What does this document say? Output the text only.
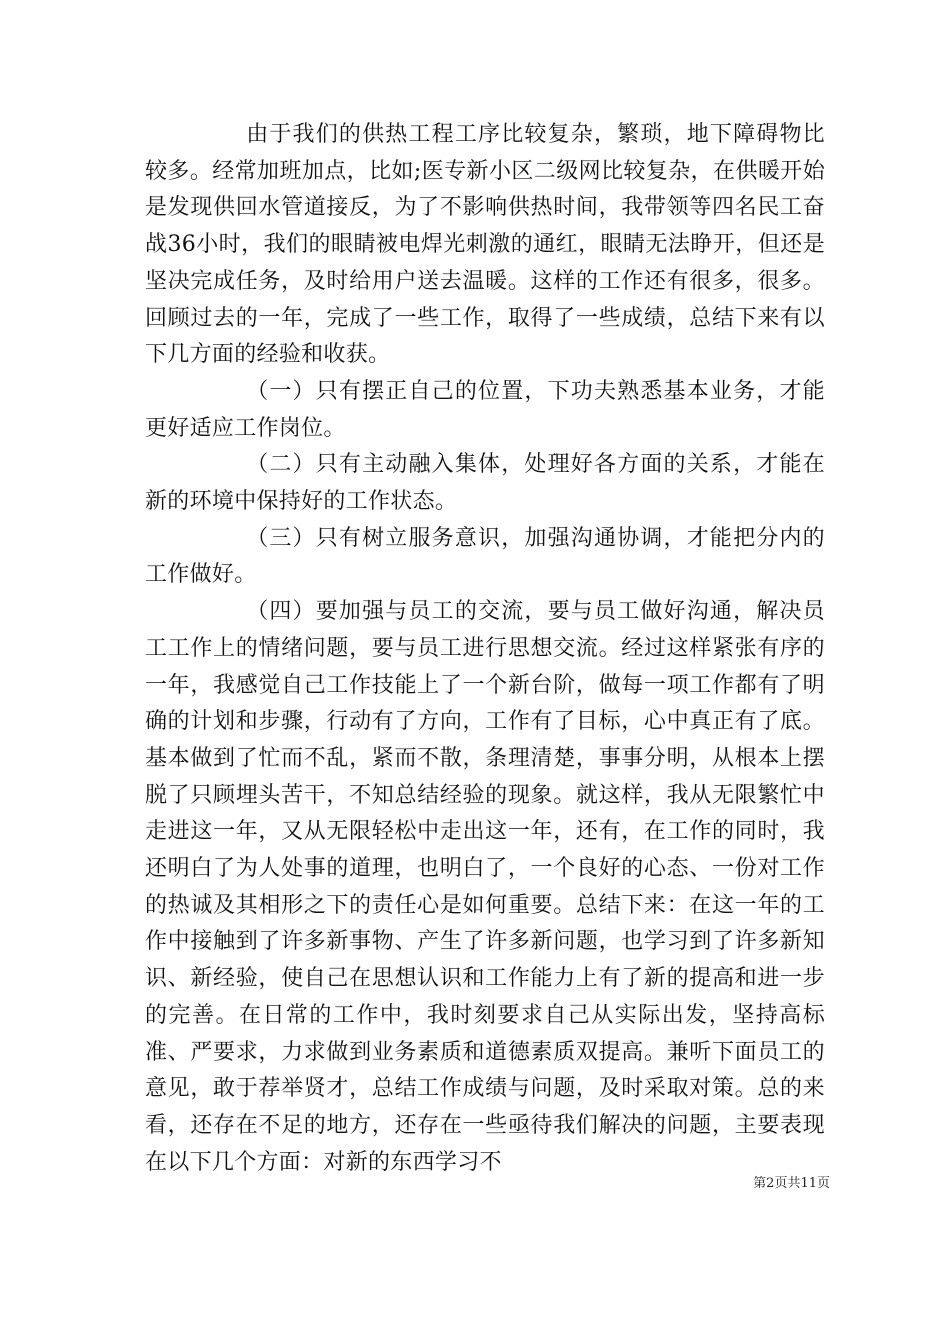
由于我们的供热工程工序比较复杂，繁琐，地下障碍物比较多。经常加班加点，比如;医专新小区二级网比较复杂，在供暖开始是发现供回水管道接反，为了不影响供热时间，我带领等四名民工奋战36小时，我们的眼睛被电焊光刺激的通红，眼睛无法睁开，但还是坚决完成任务，及时给用户送去温暖。这样的工作还有很多，很多。回顾过去的一年，完成了一些工作，取得了一些成绩，总结下来有以下几方面的经验和收获。

（一）只有摆正自己的位置，下功夫熟悉基本业务，才能更好适应工作岗位。

（二）只有主动融入集体，处理好各方面的关系，才能在新的环境中保持好的工作状态。

（三）只有树立服务意识，加强沟通协调，才能把分内的工作做好。

（四）要加强与员工的交流，要与员工做好沟通，解决员工工作上的情绪问题，要与员工进行思想交流。经过这样紧张有序的一年，我感觉自己工作技能上了一个新台阶，做每一项工作都有了明确的计划和步骤，行动有了方向，工作有了目标，心中真正有了底。基本做到了忙而不乱，紧而不散，条理清楚，事事分明，从根本上摆脱了只顾埋头苦干，不知总结经验的现象。就这样，我从无限繁忙中走进这一年，又从无限轻松中走出这一年，还有，在工作的同时，我还明白了为人处事的道理，也明白了，一个良好的心态、一份对工作的热诚及其相形之下的责任心是如何重要。总结下来：在这一年的工作中接触到了许多新事物、产生了许多新问题，也学习到了许多新知识、新经验，使自己在思想认识和工作能力上有了新的提高和进一步的完善。在日常的工作中，我时刻要求自己从实际出发，坚持高标准、严要求，力求做到业务素质和道德素质双提高。兼听下面员工的意见，敢于荐举贤才，总结工作成绩与问题，及时采取对策。总的来看，还存在不足的地方，还存在一些亟待我们解决的问题，主要表现在以下几个方面：对新的东西学习不

第2页共11页
